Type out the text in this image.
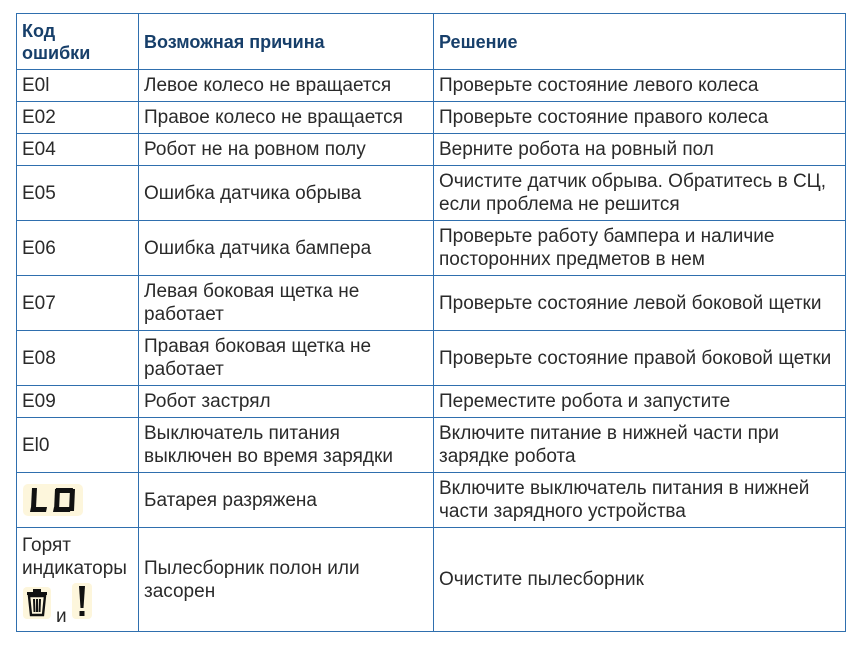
Код
ошибки	Возможная причина	Решение
E0l	Левое колесо не вращается	Проверьте состояние левого колеса
E02	Правое колесо не вращается	Проверьте состояние правого колеса
E04	Робот не на ровном полу	Верните робота на ровный пол
E05	Ошибка датчика обрыва	Очистите датчик обрыва. Обратитесь в СЦ, если проблема не решится
E06	Ошибка датчика бампера	Проверьте работу бампера и наличие посторонних предметов в нем
E07	Левая боковая щетка не работает	Проверьте состояние левой боковой щетки
E08	Правая боковая щетка не работает	Проверьте состояние правой боковой щетки
E09	Робот застрял	Переместите робота и запустите
El0	Выключатель питания выключен во время зарядки	Включите питание в нижней части при зарядке робота

	Батарея разряжена	Включите выключатель питания в нижней части зарядного устройства

Горят индикаторы
и	Пылесборник полон или засорен	Очистите пылесборник
